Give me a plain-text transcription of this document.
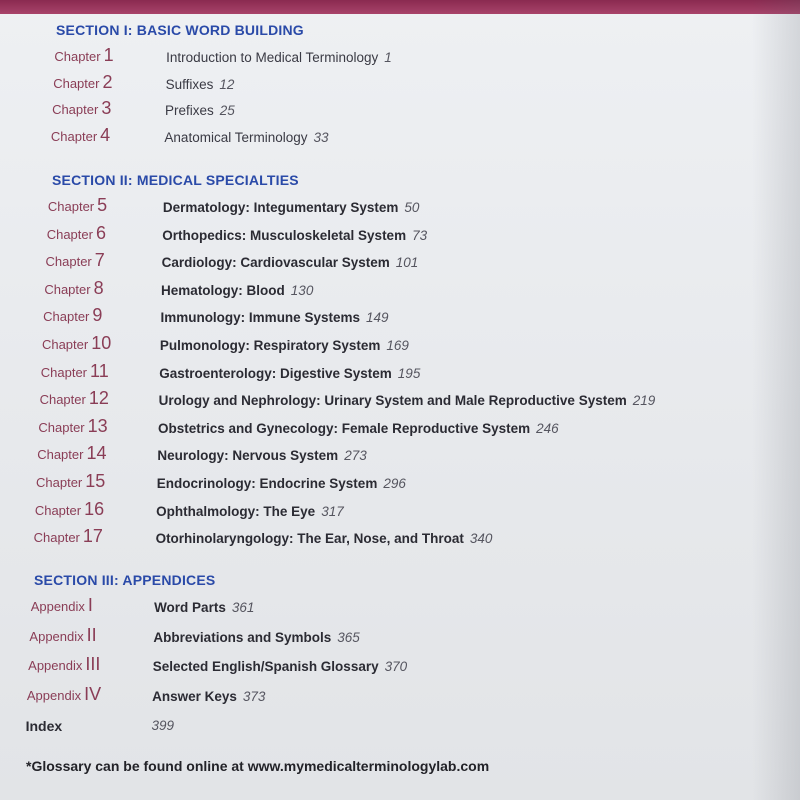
SECTION I: BASIC WORD BUILDING
Chapter 1	Introduction to Medical Terminology 1
Chapter 2	Suffixes 12
Chapter 3	Prefixes 25
Chapter 4	Anatomical Terminology 33
SECTION II: MEDICAL SPECIALTIES
Chapter 5	Dermatology: Integumentary System 50
Chapter 6	Orthopedics: Musculoskeletal System 73
Chapter 7	Cardiology: Cardiovascular System 101
Chapter 8	Hematology: Blood 130
Chapter 9	Immunology: Immune Systems 149
Chapter 10	Pulmonology: Respiratory System 169
Chapter 11	Gastroenterology: Digestive System 195
Chapter 12	Urology and Nephrology: Urinary System and Male Reproductive System 219
Chapter 13	Obstetrics and Gynecology: Female Reproductive System 246
Chapter 14	Neurology: Nervous System 273
Chapter 15	Endocrinology: Endocrine System 296
Chapter 16	Ophthalmology: The Eye 317
Chapter 17	Otorhinolaryngology: The Ear, Nose, and Throat 340
SECTION III: APPENDICES
Appendix I	Word Parts 361
Appendix II	Abbreviations and Symbols 365
Appendix III	Selected English/Spanish Glossary 370
Appendix IV	Answer Keys 373
Index	399
*Glossary can be found online at www.mymedicalterminologylab.com
